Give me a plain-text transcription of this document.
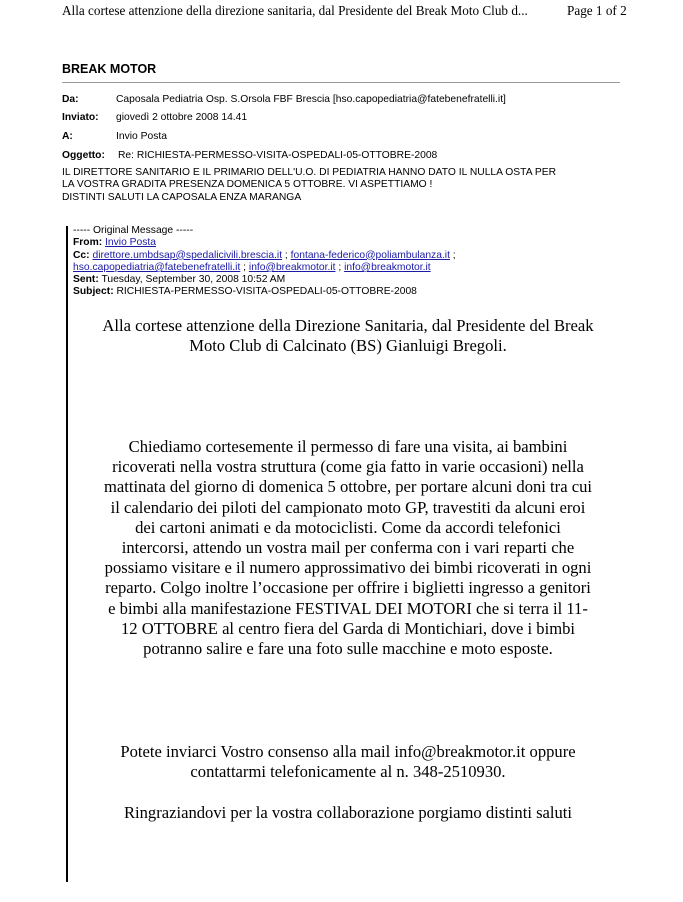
Alla cortese attenzione della direzione sanitaria, dal Presidente del Break Moto Club d...	Page 1 of 2
BREAK MOTOR
Da:	Caposala Pediatria Osp. S.Orsola FBF Brescia [hso.capopediatria@fatebenefratelli.it]
Inviato: giovedì 2 ottobre 2008 14.41
A:	Invio Posta
Oggetto: Re: RICHIESTA-PERMESSO-VISITA-OSPEDALI-05-OTTOBRE-2008
IL DIRETTORE SANITARIO E IL PRIMARIO DELL'U.O. DI PEDIATRIA HANNO DATO IL NULLA OSTA PER
LA VOSTRA GRADITA PRESENZA DOMENICA 5 OTTOBRE. VI ASPETTIAMO !
DISTINTI SALUTI LA CAPOSALA ENZA MARANGA
----- Original Message -----
From: Invio Posta
Cc: direttore.umbdsap@spedalicivili.brescia.it ; fontana-federico@poliambulanza.it ;
hso.capopediatria@fatebenefratelli.it ; info@breakmotor.it ; info@breakmotor.it
Sent: Tuesday, September 30, 2008 10:52 AM
Subject: RICHIESTA-PERMESSO-VISITA-OSPEDALI-05-OTTOBRE-2008
Alla cortese attenzione della Direzione Sanitaria, dal Presidente del Break
Moto Club di Calcinato (BS) Gianluigi Bregoli.
Chiediamo cortesemente il permesso di fare una visita, ai bambini
ricoverati nella vostra struttura (come gia fatto in varie occasioni) nella
mattinata del giorno di domenica 5 ottobre, per portare alcuni doni tra cui
il calendario dei piloti del campionato moto GP, travestiti da alcuni eroi
dei cartoni animati e da motociclisti. Come da accordi telefonici
intercorsi, attendo un vostra mail per conferma con i vari reparti che
possiamo visitare e il numero approssimativo dei bimbi ricoverati in ogni
reparto. Colgo inoltre l’occasione per offrire i biglietti ingresso a genitori
e bimbi alla manifestazione FESTIVAL DEI MOTORI che si terra il 11-
12 OTTOBRE al centro fiera del Garda di Montichiari, dove i bimbi
potranno salire e fare una foto sulle macchine e moto esposte.
Potete inviarci Vostro consenso alla mail info@breakmotor.it oppure
contattarmi telefonicamente al n. 348-2510930.
Ringraziandovi per la vostra collaborazione porgiamo distinti saluti
